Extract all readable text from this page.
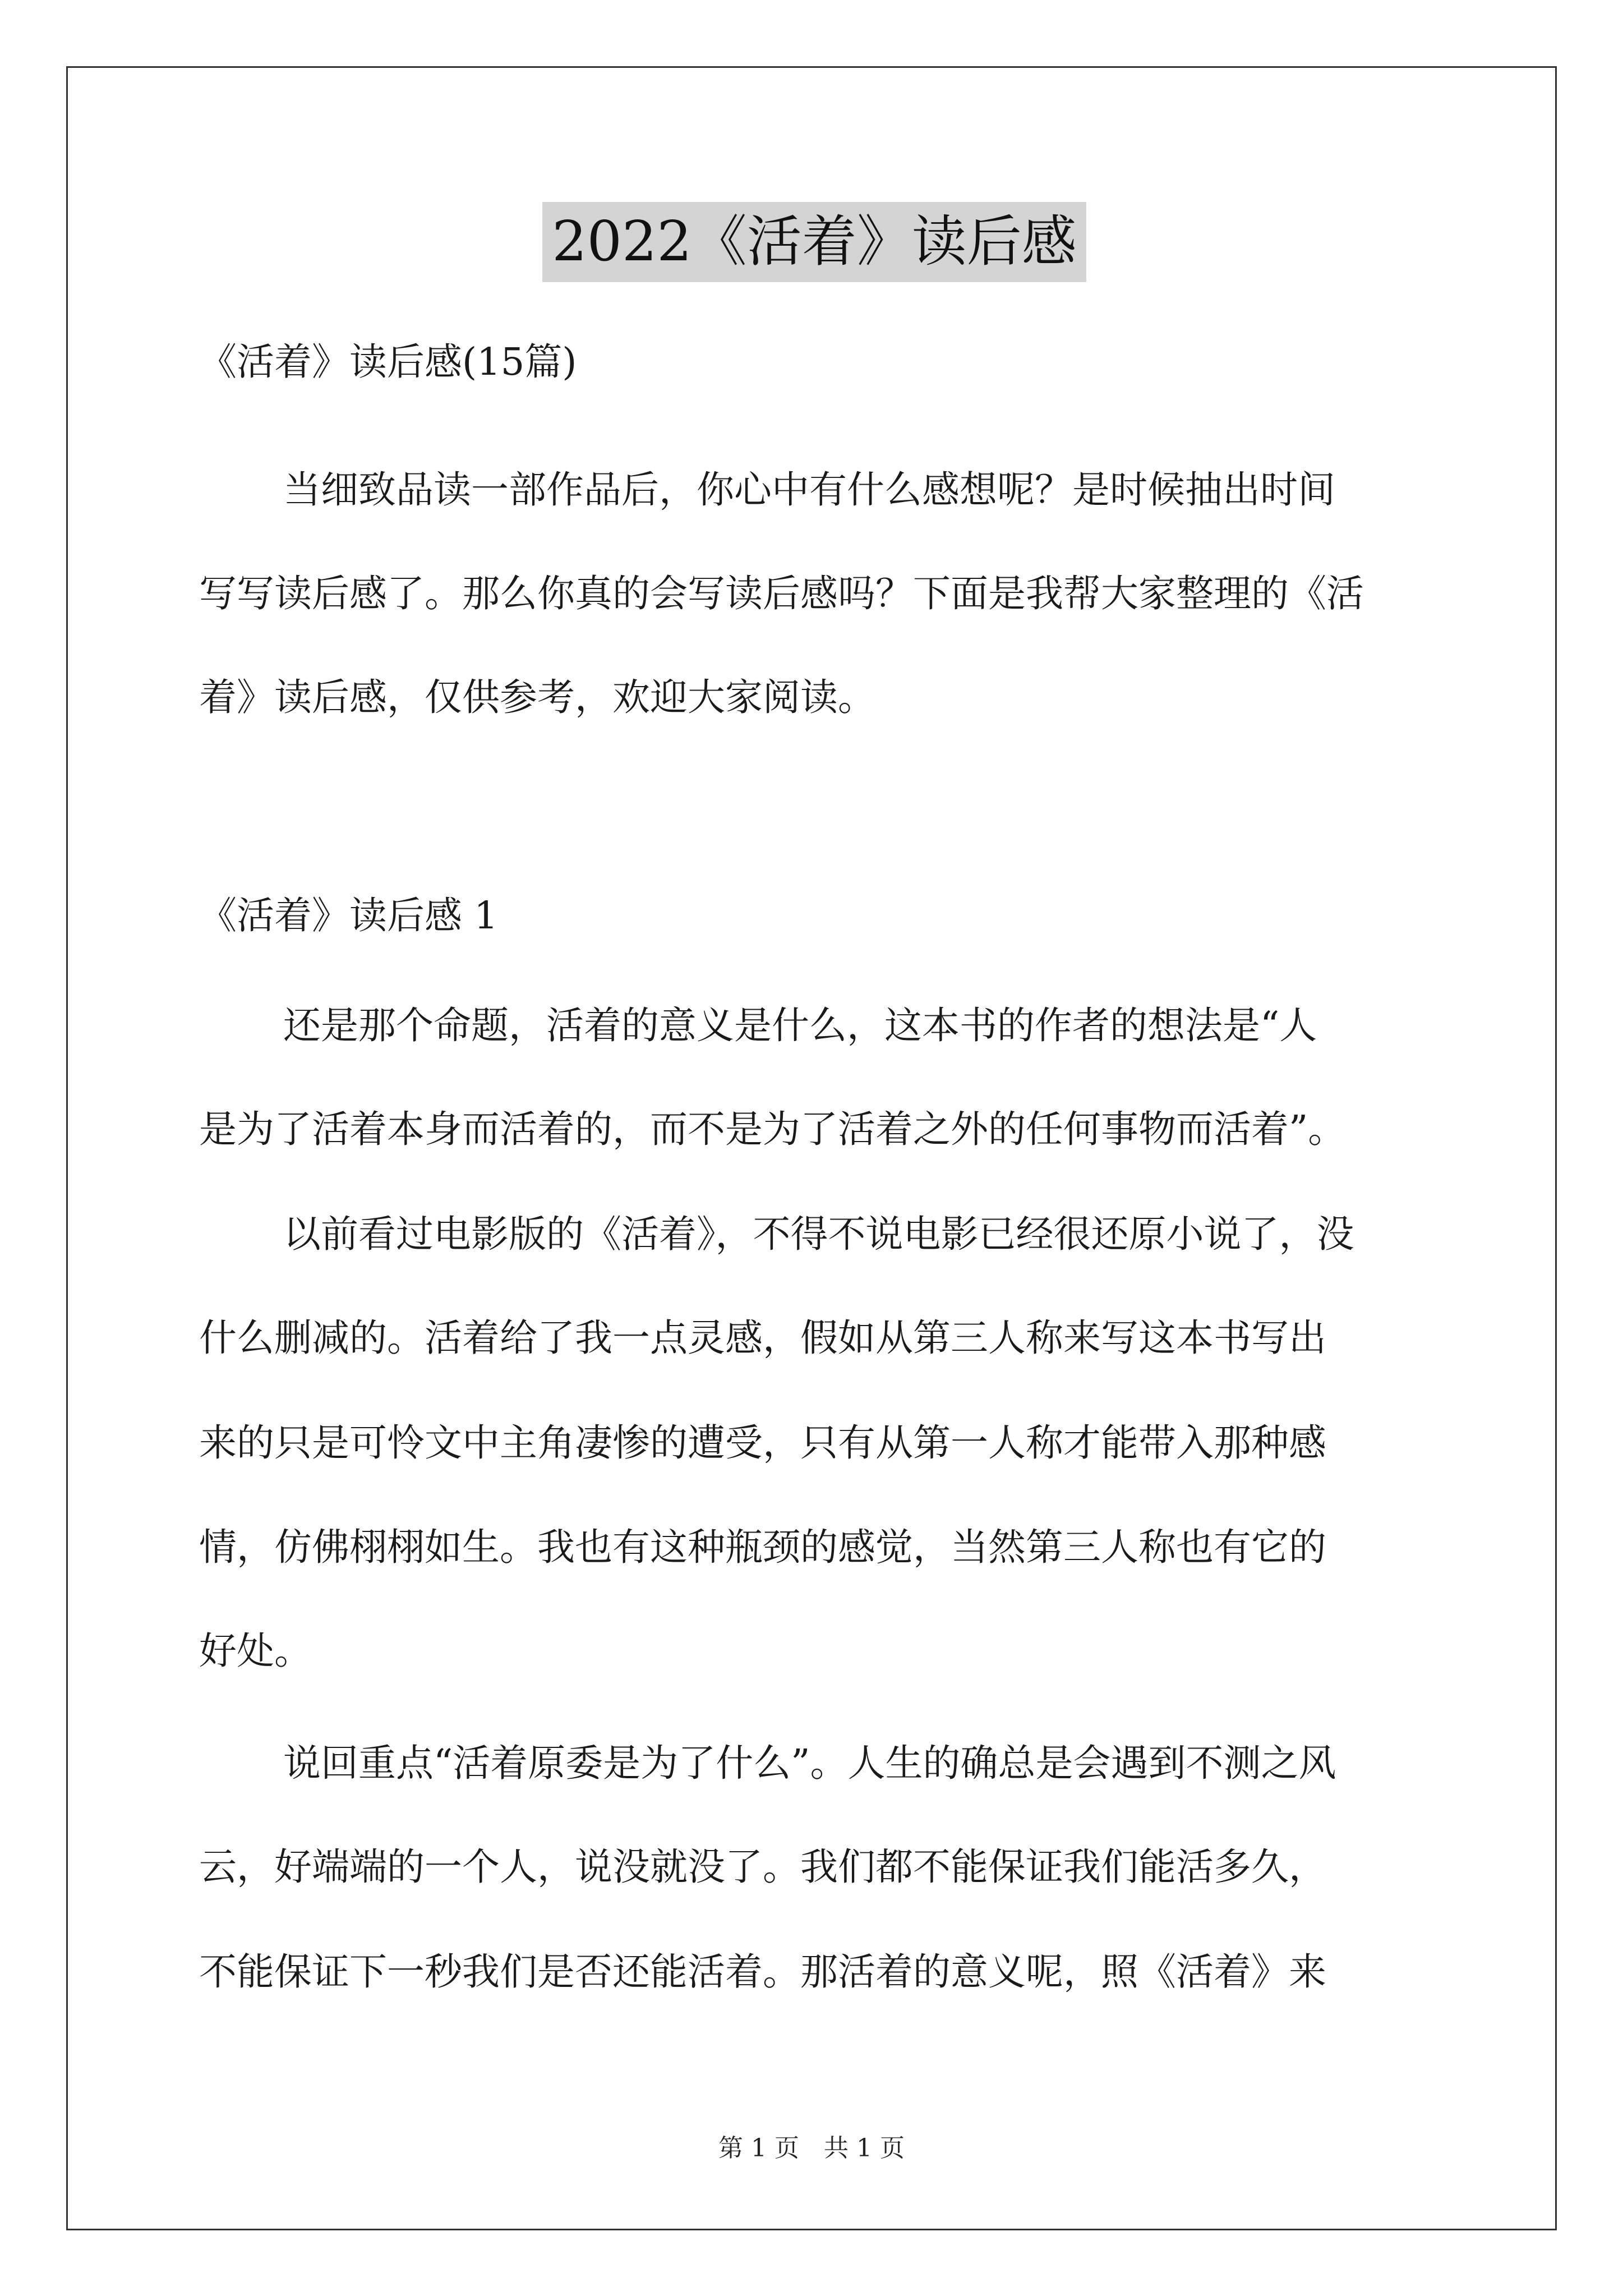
2022《活着》读后感
《活着》读后感(15篇)
当细致品读一部作品后，你心中有什么感想呢？是时候抽出时间
写写读后感了。那么你真的会写读后感吗？下面是我帮大家整理的《活
着》读后感，仅供参考，欢迎大家阅读。
《活着》读后感 1
还是那个命题，活着的意义是什么，这本书的作者的想法是“人
是为了活着本身而活着的，而不是为了活着之外的任何事物而活着”。
以前看过电影版的《活着》，不得不说电影已经很还原小说了，没
什么删减的。活着给了我一点灵感，假如从第三人称来写这本书写出
来的只是可怜文中主角凄惨的遭受，只有从第一人称才能带入那种感
情，仿佛栩栩如生。我也有这种瓶颈的感觉，当然第三人称也有它的
好处。
说回重点“活着原委是为了什么”。人生的确总是会遇到不测之风
云，好端端的一个人，说没就没了。我们都不能保证我们能活多久，
不能保证下一秒我们是否还能活着。那活着的意义呢，照《活着》来
第 1 页　共 1 页
